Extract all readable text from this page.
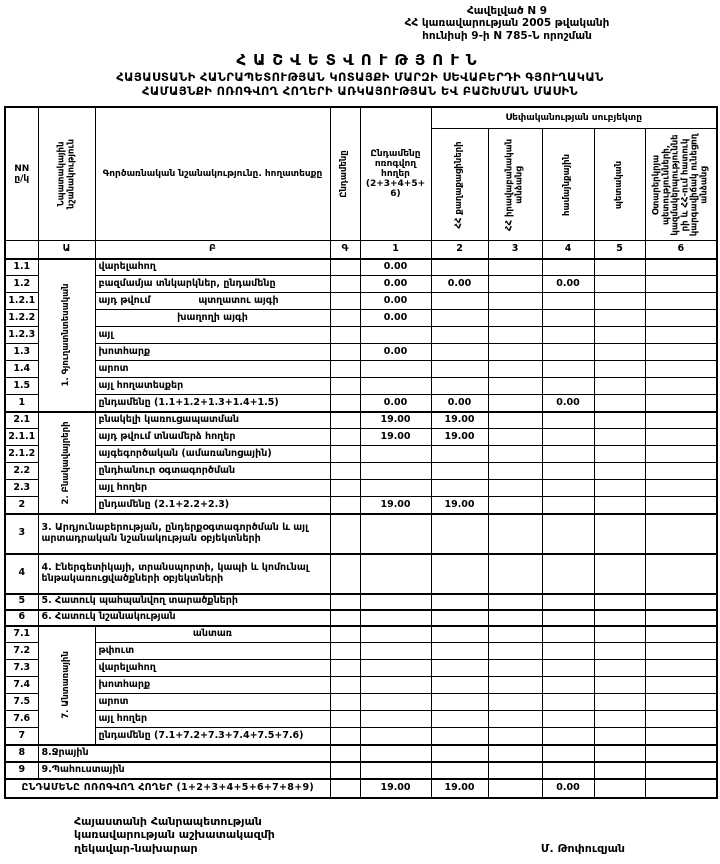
Հավելված N 9
ՀՀ կառավարության 2005 թվականի
հունիսի 9-ի N 785-Ն որոշման
ՀԱՇՎԵՏՎՈՒԹՅՈՒՆ
ՀԱՅԱՍՏԱՆԻ ՀԱՆՐԱՊԵՏՈՒԹՅԱՆ ԿՈՏԱՅՔԻ ՄԱՐԶԻ ՍԵՎԱԲԵՐԴԻ ԳՅՈՒՂԱԿԱՆ
ՀԱՄԱՅՆՔԻ ՈՌՈԳՎՈՂ ՀՈՂԵՐԻ ԱՌԿԱՅՈՒԹՅԱՆ ԵՎ ԲԱՇԽՄԱՆ ՄԱՍԻՆ
NN ը/կ	Նպատակային նշանակություն	Գործառնական նշանակությունը. հողատեսքը	Ընդամենը	Ընդամենը ոռոգվող հողեր (2+3+4+5+6)	Սեփականության սուբյեկտը				

					ՀՀ քաղաքացիների	ՀՀ իրավաբանական անձանց	համայնքային	պետական	Օտարերկրյա պետությունների, կազմակերպությունների և ՀՀ-ում հատուկ կարգավիճակ ունեցող անձանց

	Ա	Բ	Գ	1	2	3	4	5	6
1.1	1. Գյուղատնտեսական	վարելահող		0.00					
1.2		բազմամյա տնկարկներ, ընդամենը		0.00	0.00		0.00		
1.2.1		այդ թվում պտղատու այգի		0.00					
1.2.2		խաղողի այգի		0.00					
1.2.3		այլ							
1.3		խոտհարք		0.00					
1.4		արոտ							
1.5		այլ հողատեսքեր							
1		ընդամենը (1.1+1.2+1.3+1.4+1.5)		0.00	0.00		0.00		
2.1	2. Բնակավայրերի	բնակելի կառուցապատման		19.00	19.00				
2.1.1		այդ թվում տնամերձ հողեր		19.00	19.00				
2.1.2		այգեգործական (ամառանոցային)							
2.2		ընդհանուր օգտագործման							
2.3		այլ հողեր							
2		ընդամենը (2.1+2.2+2.3)		19.00	19.00				
3	3. Արդյունաբերության, ընդերքօգտագործման և այլ արտադրական նշանակության օբյեկտների								
4	4. Էներգետիկայի, տրանսպորտի, կապի և կոմունալ ենթակառուցվածքների օբյեկտների								
5	5. Հատուկ պահպանվող տարածքների								
6	6. Հատուկ նշանակության								
7.1	7. Անտառային	անտառ							
7.2		թփուտ							
7.3		վարելահող							
7.4		խոտհարք							
7.5		արոտ							
7.6		այլ հողեր							
7		ընդամենը (7.1+7.2+7.3+7.4+7.5+7.6)							
8	8.Ջրային								
9	9.Պահուստային								
ԸՆԴԱՄԵՆԸ ՈՌՈԳՎՈՂ ՀՈՂԵՐ (1+2+3+4+5+6+7+8+9)				19.00	19.00		0.00		
Հայաստանի Հանրապետության
կառավարության աշխատակազմի
ղեկավար-նախարար	Մ. Թոփուզյան
